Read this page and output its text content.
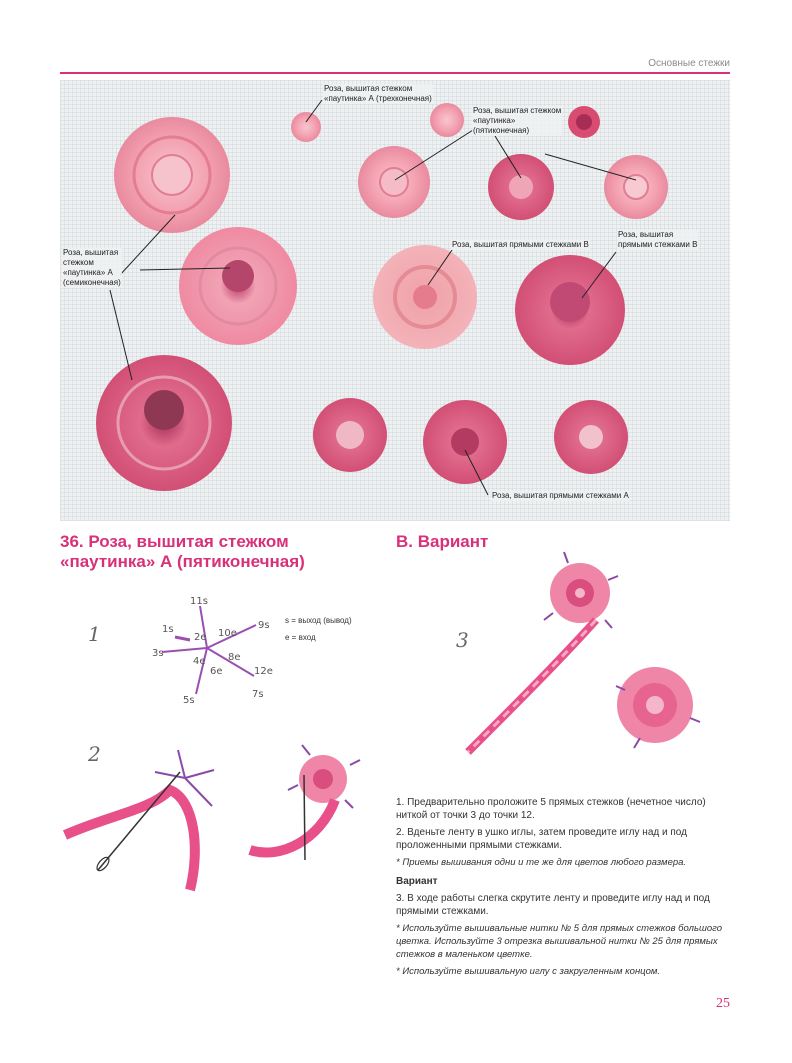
Основные стежки
Роза, вышитая стежком
«паутинка» А (трехконечная)
Роза, вышитая стежком
«паутинка»
(пятиконечная)
Роза, вышитая
стежком
«паутинка» А
(семиконечная)
Роза, вышитая прямыми стежками В
Роза, вышитая
прямыми стежками В
Роза, вышитая прямыми стежками А
36. Роза, вышитая стежком
«паутинка» А (пятиконечная)
В. Вариант
1
2
3
11s
1s
2e 10e
9s
3s
4e 8e
12e
6e
5s
7s
s = выход (вывод)
e = вход

1. Предварительно проложите 5 прямых стежков (нечетное число) ниткой от точки 3 до точки 12.

2. Вденьте ленту в ушко иглы, затем проведите иглу над и под проложенными прямыми стежками.

* Приемы вышивания одни и те же для цветов любого размера.

Вариант

3. В ходе работы слегка скрутите ленту и проведите иглу над и под прямыми стежками.

* Используйте вышивальные нитки № 5 для прямых стежков большого цветка. Используйте 3 отрезка вышивальной нитки № 25 для прямых стежков в маленьком цветке.

* Используйте вышивальную иглу с закругленным концом.

25
